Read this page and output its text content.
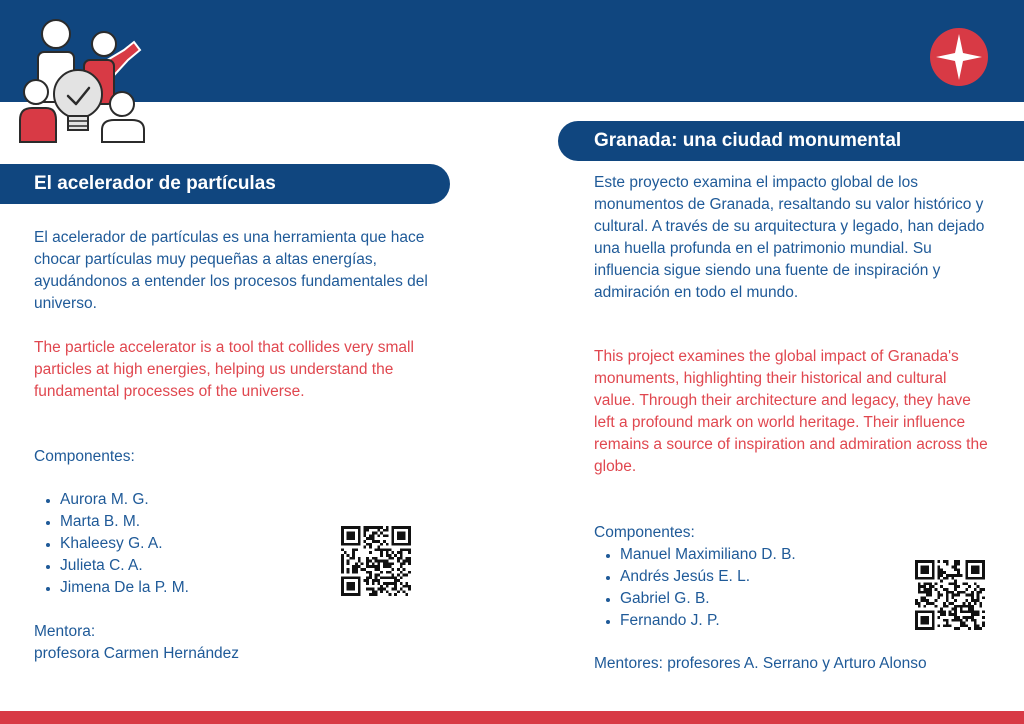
El acelerador de partículas
El acelerador de partículas es una herramienta que hace chocar partículas muy pequeñas a altas energías, ayudándonos a entender los procesos fundamentales del universo.
The particle accelerator is a tool that collides very small particles at high energies, helping us understand the fundamental processes of the universe.
Componentes:
• Aurora M. G.
• Marta B. M.
• Khaleesy G. A.
• Julieta C. A.
• Jimena De la P. M.
Mentora:
profesora Carmen Hernández
Granada: una ciudad monumental
Este proyecto examina el impacto global de los monumentos de Granada, resaltando su valor histórico y cultural. A través de su arquitectura y legado, han dejado una huella profunda en el patrimonio mundial. Su influencia sigue siendo una fuente de inspiración y admiración en todo el mundo.
This project examines the global impact of Granada's monuments, highlighting their historical and cultural value. Through their architecture and legacy, they have left a profound mark on world heritage. Their influence remains a source of inspiration and admiration across the globe.
Componentes:
• Manuel Maximiliano D. B.
• Andrés Jesús E. L.
• Gabriel G. B.
• Fernando J. P.
Mentores: profesores A. Serrano y Arturo Alonso
